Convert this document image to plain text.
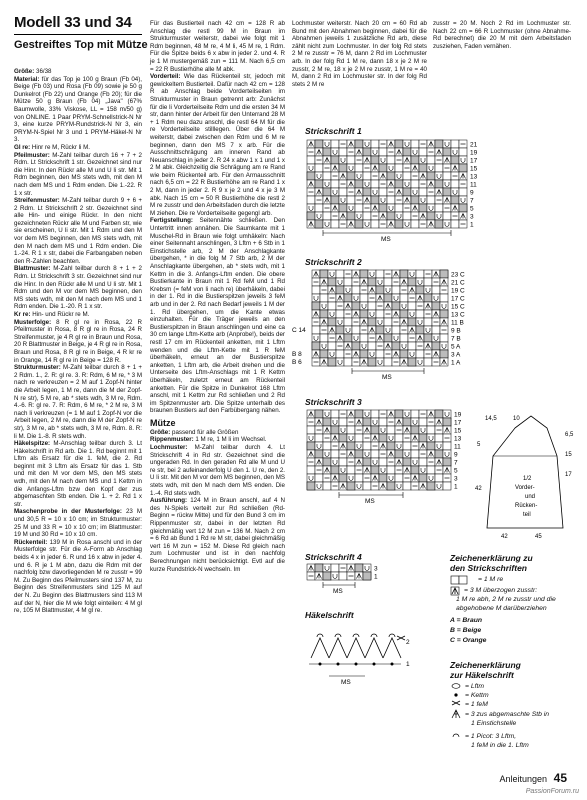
Modell 33 und 34
Gestreiftes Top mit Mütze

Größe: 36/38

Material: für das Top je 100 g Braun (Fb 04), Beige (Fb 03) und Rosa (Fb 09) sowie je 50 g Dunkelrot (Fb 22) und Orange (Fb 20); für die Mütze 50 g Braun (Fb 04) „Java" (67% Baumwolle, 33% Viskose, LL = 158 m/50 g) von ONLINE. 1 Paar PRYM-Schnellstrick-N Nr 3, eine kurze PRYM-Rundstrick-N Nr 3, ein PRYM-N-Spiel Nr 3 und 1 PRYM-Häkel-N Nr 3.

Gl re: Hinr re M, Rückr li M.

Pfeilmuster: M-Zahl teilbar durch 16 + 7 + 2 Rdm. Lt Strickschrift 1 str. Gezeichnet sind nur die Hinr. In den Rückr alle M und U li str. Mit 1 Rdm beginnen, den MS stets wdh, mit den M nach dem MS und 1 Rdm enden. Die 1.-22. R 1 x str.

Streifenmuster: M-Zahl teilbar durch 9 + 6 + 2 Rdm. Lt Strickschrift 2 str. Gezeichnet sind alle Hin- und einige Rückr. In den nicht gezeichneten Rückr alle M und Farben str, wie sie erscheinen, U li str. Mit 1 Rdm und den M vor dem MS beginnen, den MS stets wdh, mit den M nach dem MS und 1 Rdm enden. Die 1.-24. R 1 x str, dabei die Farbangaben neben den R-Zahlen beachten.

Blattmuster: M-Zahl teilbar durch 8 + 1 + 2 Rdm. Lt Strickschrift 3 str. Gezeichnet sind nur die Hinr. In den Rückr alle M und U li str. Mit 1 Rdm und den M vor dem MS beginnen, den MS stets wdh, mit den M nach dem MS und 1 Rdm enden. Die 1.-20. R 1 x str.

Kr re: Hin- und Rückr re M.

Musterfolge: 8 R gl re in Rosa, 22 R Pfeilmuster in Rosa, 8 R gl re in Rosa, 24 R Streifenmuster, je 4 R gl re in Braun und Rosa, 20 R Blattmuster in Beige, je 4 R gl re in Rosa, Braun und Rosa, 8 R gl re in Beige, 4 R kr re in Orange, 14 R gl re in Beige = 128 R.

Strukturmuster: M-Zahl teilbar durch 8 + 1 + 2 Rdm. 1., 2. R: gl re. 3. R: Rdm, 6 M re, * 3 M nach re verkreuzen = 2 M auf 1 Zopf-N hinter die Arbeit legen, 1 M re, dann die M der Zopf-N re str), 5 M re, ab * stets wdh, 3 M re, Rdm. 4.-6. R: gl re. 7. R: Rdm, 6 M re, * 2 M re, 3 M nach li verkreuzen (= 1 M auf 1 Zopf-N vor die Arbeit legen, 2 M re, dann die M der Zopf-N re str), 3 M re, ab * stets wdh, 3 M re, Rdm. 8. R: li M. Die 1.-8. R stets wdh.

Häkelspitze: M-Anschlag teilbar durch 3. Lt Häkelschrift in Rd arb. Die 1. Rd beginnt mit 1 Lftm als Ersatz für die 1. feM, die 2. Rd beginnt mit 3 Lftm als Ersatz für das 1. Stb und mit den M vor dem MS, den MS stets wdh, mit den M nach dem MS und 1 Kettm in die Anfangs-Lftm bzw den Kopf der zus abgemaschten Stb enden. Die 1. + 2. Rd 1 x str.

Maschenprobe in der Musterfolge: 23 M und 30,5 R = 10 x 10 cm; im Strukturmuster: 25 M und 33 R = 10 x 10 cm; im Blattmuster: 19 M und 30 Rd = 10 x 10 cm.

Rückenteil: 139 M in Rosa anschl und in der Musterfolge str. Für die A-Form ab Anschlag beids 4 x in jeder 6. R und 16 x abw in jeder 4. und 6. R je 1 M abn, dazu die Rdm mit der nachfolg bzw davorliegenden M re zusstr = 99 M. Zu Beginn des Pfeilmusters sind 137 M, zu Beginn des Streifenmusters sind 125 M auf der N. Zu Beginn des Blattmusters sind 113 M auf der N, hier die M wie folgt einteilen: 4 M gl re, 105 M Blattmuster, 4 M gl re.

Für das Bustierteil nach 42 cm = 128 R ab Anschlag die restl 99 M in Braun im Strukturmuster weiterstr, dabei wie folgt mit 1 Rdm beginnen, 48 M re, 4 M li, 45 M re, 1 Rdm. Für die Spitze beids 6 x abw in jeder 2. und 4. R je 1 M mustergemäß zun = 111 M. Nach 6,5 cm = 22 R Bustierhöhe alle M abk.

Vorderteil: Wie das Rückenteil str, jedoch mit gewickeltem Bustierteil. Dafür nach 42 cm = 128 R ab Anschlag beide Vorderteilseiten im Strukturmuster in Braun getrennt arb: Zunächst für die li Vorderteilseite Rdm und die ersten 34 M str, dann hinter der Arbeit für den Unterrand 28 M + 1 Rdm neu dazu anschl, die restl 64 M für die re Vorderteilseite stilllegen. Über die 64 M weiterstr, dabei zwischen den Rdm und 6 M re beginnen, dann den MS 7 x arb. Für die Ausschnittschrägung am inneren Rand ab Neuanschlag in jeder 2. R 24 x abw 1 x 1 und 1 x 2 M abk. Gleichzeitig die Schrägung am re Rand wie beim Rückenteil arb. Für den Armausschnitt nach 6,5 cm = 22 R Bustierhöhe am re Rand 1 x 2 M, dann in jeder 2. R 9 x je 2 und 4 x je 3 M abk. Nach 15 cm = 50 R Bustierhöhe die restl 2 M re zusstr und den Arbeitsfaden durch die letzte M ziehen. Die re Vorderteilseite gegengl arb.

Fertigstellung: Seitennähte schließen. Den Untertritt innen annähen. Die Saumkante mit 1 Muschel-Rd in Braun wie folgt umhäkeln: Nach einer Seitennaht anschlingen, 3 Lftm + 6 Stb in 1 Einstichstelle arb, 2 M der Anschlagkante übergehen, * in die folg M 7 Stb arb, 2 M der Anschlagkante übergehen, ab * stets wdh, mit 1 Kettm in die 3. Anfangs-Lftm enden. Die obere Bustierkante in Braun mit 1 Rd feM und 1 Rd Krebsm (= feM von li nach re) überhäkeln, dabei in der 1. Rd in die Bustierspitzen jeweils 3 feM arb und in der 2. Rd nach Bedarf jeweils 1 M der 1. Rd übergehen, um die Kante etwas einzuhalten. Für die Träger jeweils an den Bustierspitzen in Braun anschlingen und eine ca 30 cm lange Lftm-Kette arb (Anprobe!), beids der restl 17 cm im Rückenteil anketten, mit 1 Lftm wenden und die Lftm-Kette mit 1 R feM überhäkeln, erneut an der Bustierspitze anketten, 1 Lftm arb, die Arbeit drehen und die Unterseite des Lftm-Anschlags mit 1 R Kettm überhäkeln, zuletzt erneut am Rückenteil anketten. Für die Spitze in Dunkelrot 168 Lftm anschl, mit 1 Kettm zur Rd schließen und 2 Rd im Spitzenmuster arb. Die Spitze unterhalb des braunen Bustiers auf den Farbübergang nähen.

Mütze

Größe: passend für alle Größen

Rippenmuster: 1 M re, 1 M li im Wechsel.

Lochmuster: M-Zahl teilbar durch 4. Lt Strickschrift 4 in Rd str. Gezeichnet sind die ungeraden Rd. In den geraden Rd alle M und U re str, bei 2 aufeinanderfolg U den 1. U re, den 2. U li str. Mit den M vor dem MS beginnen, den MS stets wdh, mit den M nach dem MS enden. Die 1.-4. Rd stets wdh.

Ausführung: 124 M in Braun anschl, auf 4 N des N-Spiels verteilt zur Rd schließen (Rd-Beginn = rückw Mitte) und für den Bund 3 cm im Rippenmuster str, dabei in der letzten Rd gleichmäßig vert 12 M zun = 136 M. Nach 2 cm = 6 Rd ab Bund 1 Rd re M str, dabei gleichmäßig vert 16 M zun = 152 M. Diese Rd gleich nach zum Lochmuster und ist in den nachfolg Berechnungen nicht berücksichtigt. Evtl auf die kurze Rundstrick-N wechseln. Im

Lochmuster weiterstr. Nach 20 cm = 60 Rd ab Bund mit den Abnahmen beginnen, dabei für die Abnahmen jeweils 1 zusätzliche Rd arb, diese zählt nicht zum Lochmuster. In der folg Rd stets 2 M re zusstr = 76 M, dann 2 Rd im Lochmuster arb. In der folg Rd 1 M re, dann 18 x je 2 M re zusstr, 2 M re, 18 x je 2 M re zusstr, 1 M re = 40 M, dann 2 Rd im Lochmuster str. In der folg Rd stets 2 M re

zusstr = 20 M. Noch 2 Rd im Lochmuster str. Nach 22 cm = 66 R Lochmuster (ohne Abnahme-Rd berechnet) die 20 M mit dem Arbeitsfaden zusziehen, Faden vernähen.

Strickschrift 1
21
19
17
15
13
11
9
7
5
3
1
MS
Strickschrift 2
23 C
21 C
19 C
17 C
15 C
13 C
11 B
9 B
7 B
5 A
3 A
1 A
C 14
B 8
B 6
MS
Strickschrift 3
19
17
15
13
11
9
7
5
3
1
MS
Strickschrift 4
3
1
MS
Häkelschrift
2
1
MS
14,5	10
6,5
15
17
5
42	45
1/2
Vorder-
und
Rücken-
teil
42
Zeichenerklärung zu
den Strickschriften
= 1 M re
= 3 M überzogen zusstr:
1 M re abh, 2 M re zusstr und die
abgehobene M darüberziehen
A = Braun
B = Beige
C = Orange
Zeichenerklärung
zur Häkelschrift
= Lftm
= Kettm
= 1 feM
= 3 zus abgemaschte Stb in
1 Einstichstelle
= 1 Picot: 3 Lftm,
1 feM in die 1. Lftm
Anleitungen 45
PassionForum.ru
